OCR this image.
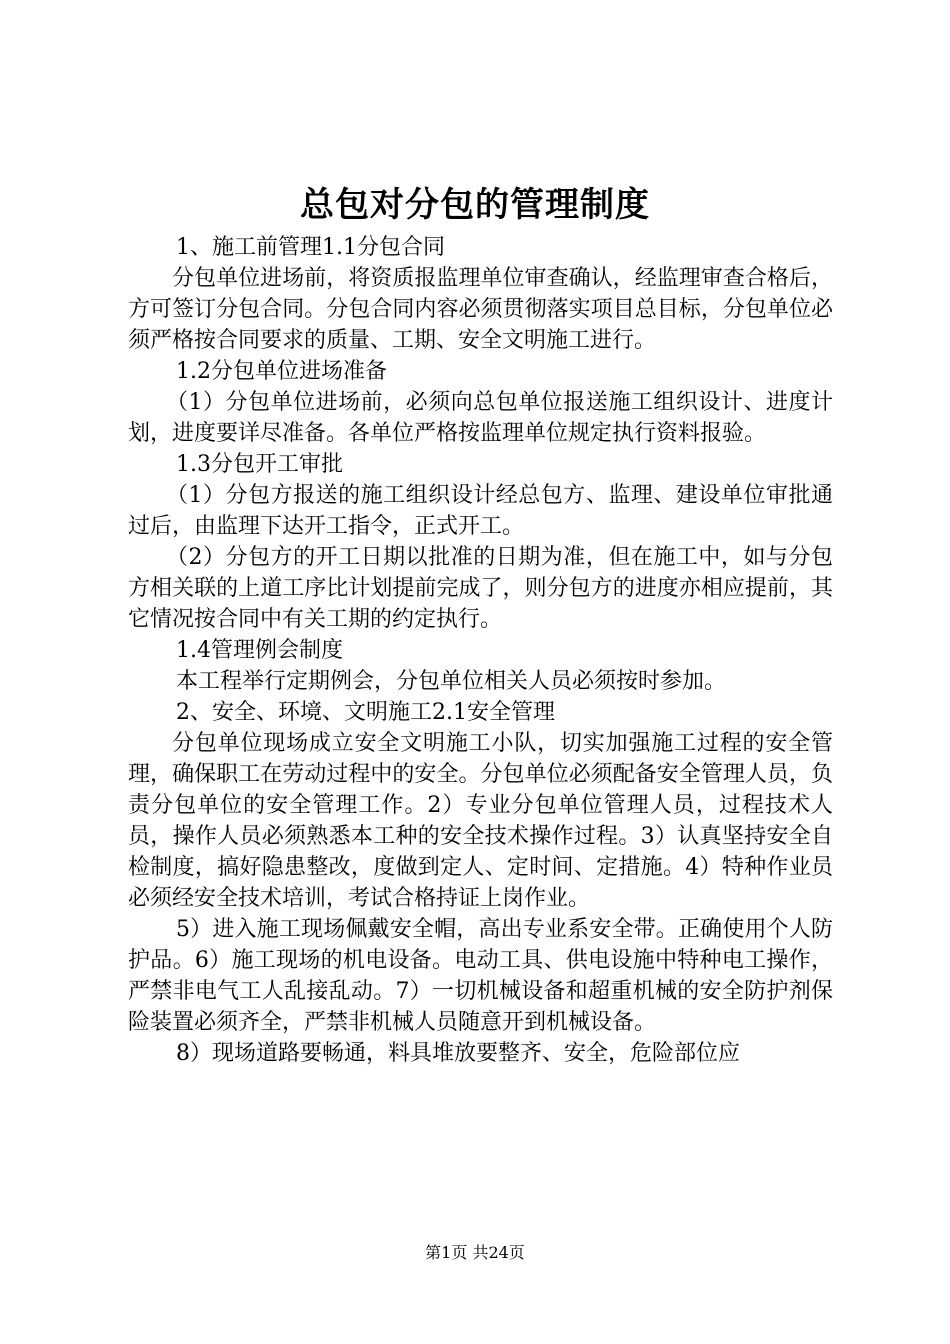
总包对分包的管理制度

1、施工前管理1.1分包合同

分包单位进场前，将资质报监理单位审查确认，经监理审查合格后，方可签订分包合同。分包合同内容必须贯彻落实项目总目标，分包单位必须严格按合同要求的质量、工期、安全文明施工进行。

1.2分包单位进场准备

（1）分包单位进场前，必须向总包单位报送施工组织设计、进度计划，进度要详尽准备。各单位严格按监理单位规定执行资料报验。

1.3分包开工审批

（1）分包方报送的施工组织设计经总包方、监理、建设单位审批通过后，由监理下达开工指令，正式开工。

（2）分包方的开工日期以批准的日期为准，但在施工中，如与分包方相关联的上道工序比计划提前完成了，则分包方的进度亦相应提前，其它情况按合同中有关工期的约定执行。

1.4管理例会制度

本工程举行定期例会，分包单位相关人员必须按时参加。

2、安全、环境、文明施工2.1安全管理

分包单位现场成立安全文明施工小队，切实加强施工过程的安全管理，确保职工在劳动过程中的安全。分包单位必须配备安全管理人员，负责分包单位的安全管理工作。2）专业分包单位管理人员，过程技术人员，操作人员必须熟悉本工种的安全技术操作过程。3）认真坚持安全自检制度，搞好隐患整改，度做到定人、定时间、定措施。4）特种作业员必须经安全技术培训，考试合格持证上岗作业。

5）进入施工现场佩戴安全帽，高出专业系安全带。正确使用个人防护品。6）施工现场的机电设备。电动工具、供电设施中特种电工操作，严禁非电气工人乱接乱动。7）一切机械设备和超重机械的安全防护剂保险装置必须齐全，严禁非机械人员随意开到机械设备。

8）现场道路要畅通，料具堆放要整齐、安全，危险部位应

第1页 共24页
